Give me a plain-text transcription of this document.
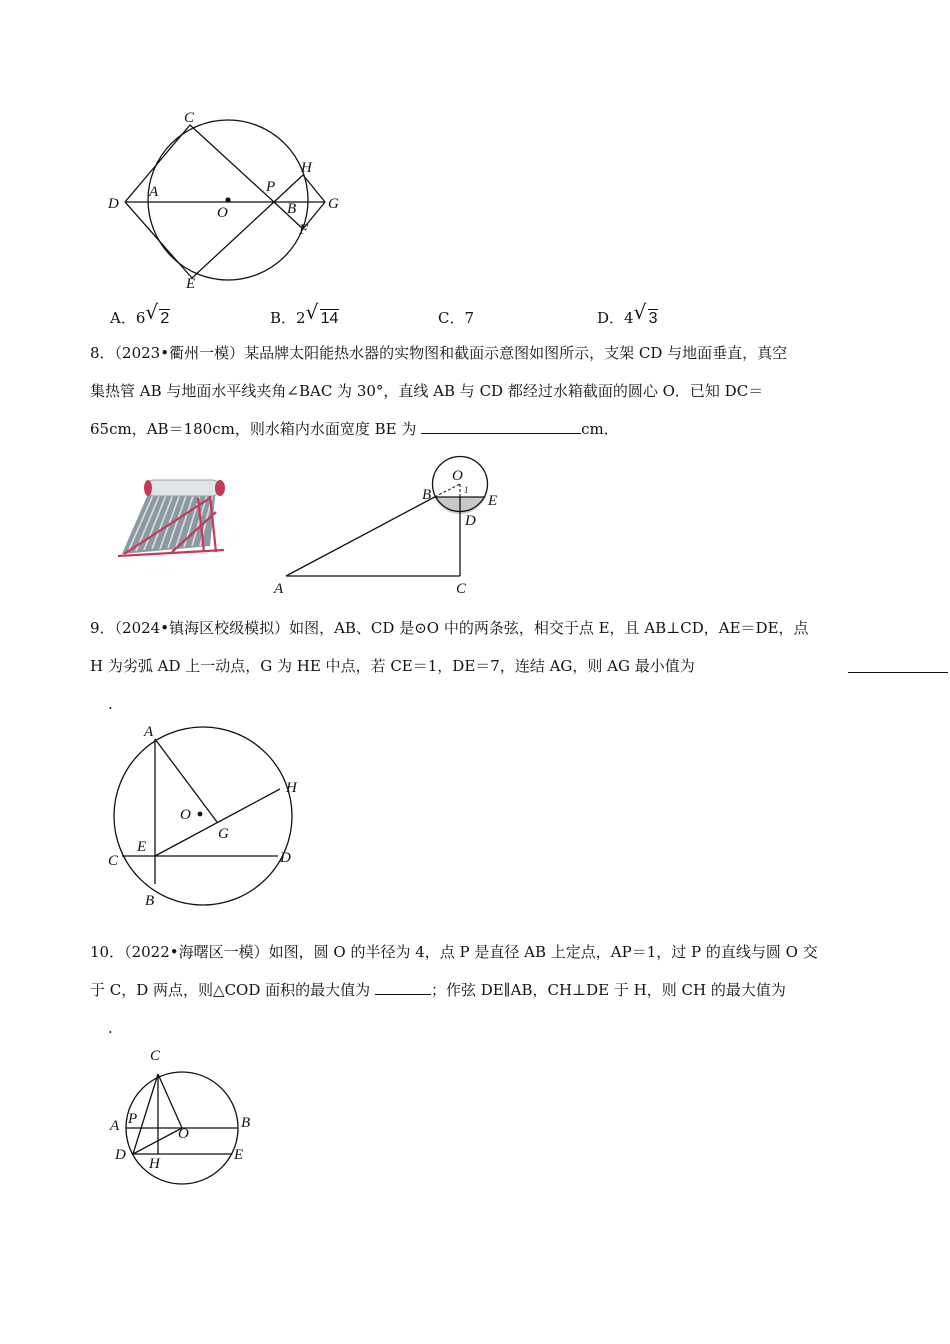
C
D
A
O
P
H
B G
F
E
A．6 √ 2	B．2 √ 14	C．7	D．4 √ 3
8．（2023•衢州一模）某品牌太阳能热水器的实物图和截面示意图如图所示，支架 CD 与地面垂直，真空
集热管 AB 与地面水平线夹角∠BAC 为 30°，直线 AB 与 CD 都经过水箱截面的圆心 O．已知 DC＝
65cm，AB＝180cm，则水箱内水面宽度 BE 为	cm．
O
1
B	E
D
A	C
9．（2024•镇海区校级模拟）如图，AB、CD 是⊙O 中的两条弦，相交于点 E，且 AB⊥CD，AE＝DE，点
H 为劣弧 AD 上一动点，G 为 HE 中点，若 CE＝1，DE＝7，连结 AG，则 AG 最小值为
.
A
H
O
G
E
C	D
B
10．（2022•海曙区一模）如图，圆 O 的半径为 4，点 P 是直径 AB 上定点，AP＝1，过 P 的直线与圆 O 交
于 C，D 两点，则△COD 面积的最大值为	；作弦 DE∥AB，CH⊥DE 于 H，则 CH 的最大值为
.
C
P
A	O
B
D
H
E
